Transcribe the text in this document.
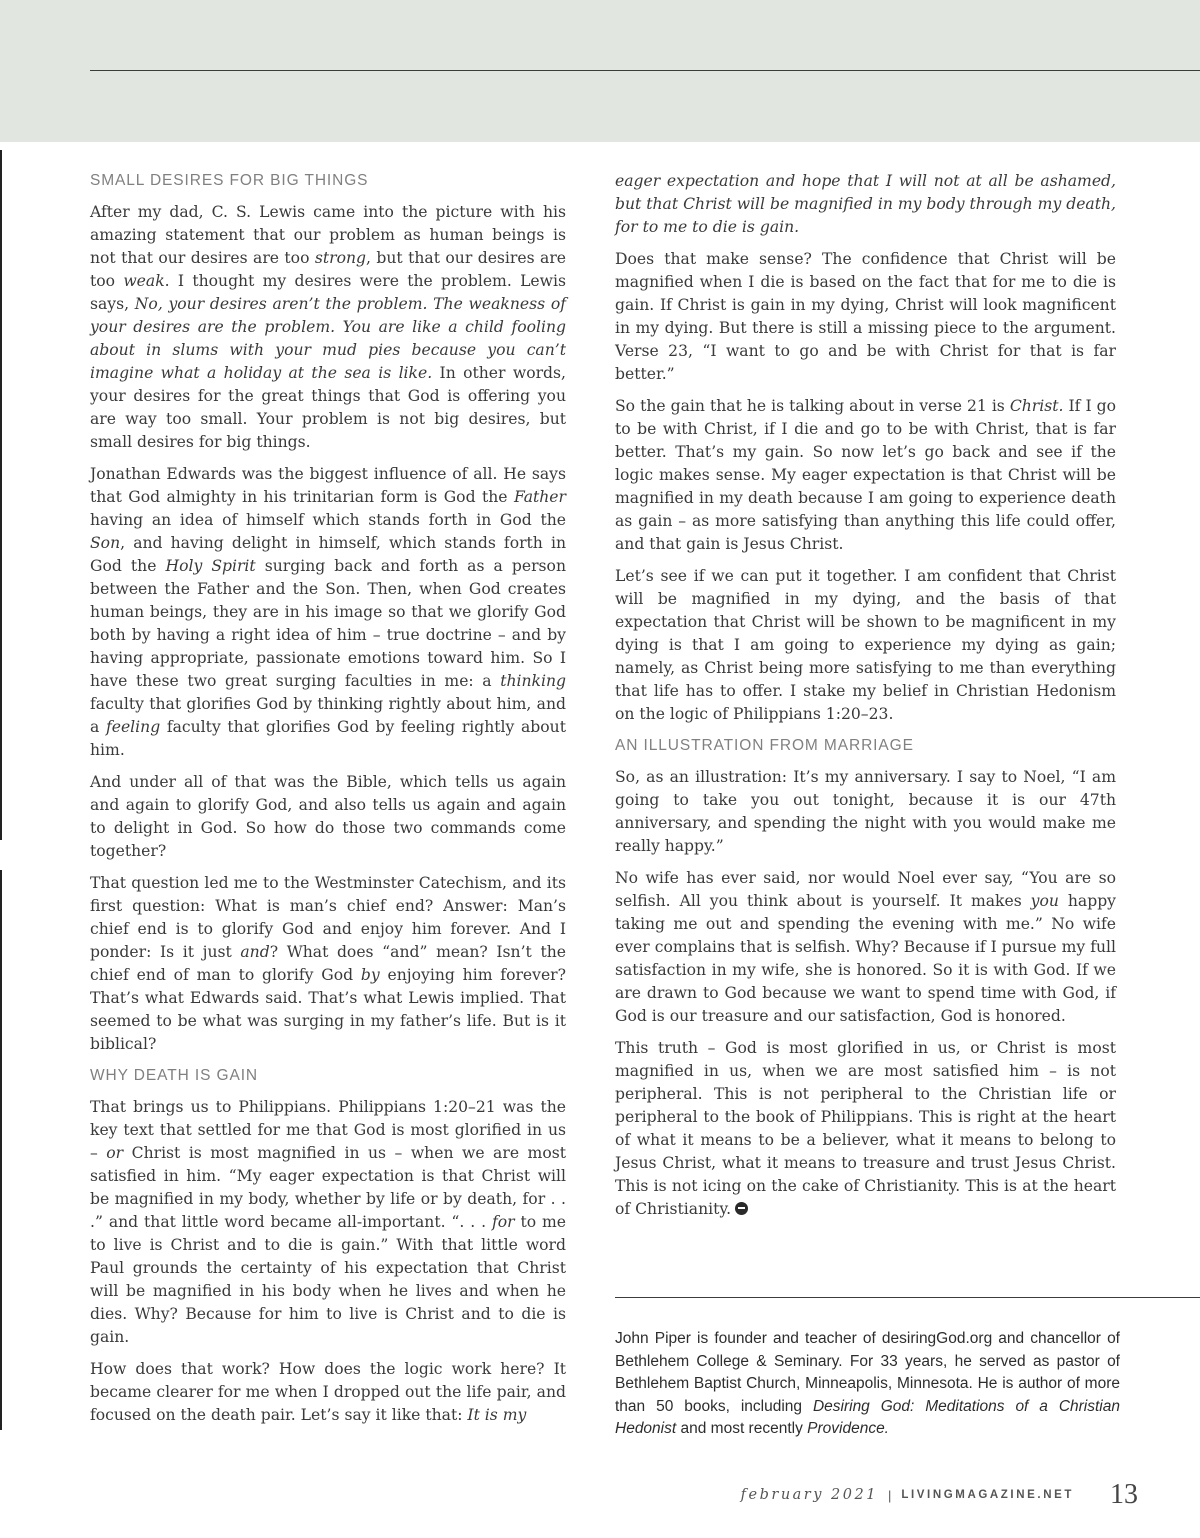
SMALL DESIRES FOR BIG THINGS

After my dad, C. S. Lewis came into the picture with his amazing statement that our problem as human beings is not that our desires are too strong, but that our desires are too weak. I thought my desires were the problem. Lewis says, No, your desires aren’t the problem. The weakness of your desires are the problem. You are like a child fooling about in slums with your mud pies because you can’t imagine what a holiday at the sea is like. In other words, your desires for the great things that God is offering you are way too small. Your problem is not big desires, but small desires for big things.

Jonathan Edwards was the biggest influence of all. He says that God almighty in his trinitarian form is God the Father having an idea of himself which stands forth in God the Son, and having delight in himself, which stands forth in God the Holy Spirit surging back and forth as a person between the Father and the Son. Then, when God creates human beings, they are in his image so that we glorify God both by having a right idea of him – true doctrine – and by having appropriate, passionate emotions toward him. So I have these two great surging faculties in me: a thinking faculty that glorifies God by thinking rightly about him, and a feeling faculty that glorifies God by feeling rightly about him.

And under all of that was the Bible, which tells us again and again to glorify God, and also tells us again and again to delight in God. So how do those two commands come together?

That question led me to the Westminster Catechism, and its first question: What is man’s chief end? Answer: Man’s chief end is to glorify God and enjoy him forever. And I ponder: Is it just and? What does “and” mean? Isn’t the chief end of man to glorify God by enjoying him forever? That’s what Edwards said. That’s what Lewis implied. That seemed to be what was surging in my father’s life. But is it biblical?

WHY DEATH IS GAIN

That brings us to Philippians. Philippians 1:20–21 was the key text that settled for me that God is most glorified in us – or Christ is most magnified in us – when we are most satisfied in him. “My eager expectation is that Christ will be magnified in my body, whether by life or by death, for . . .” and that little word became all-important. “. . . for to me to live is Christ and to die is gain.” With that little word Paul grounds the certainty of his expectation that Christ will be magnified in his body when he lives and when he dies. Why? Because for him to live is Christ and to die is gain.

How does that work? How does the logic work here? It became clearer for me when I dropped out the life pair, and focused on the death pair. Let’s say it like that: It is my

eager expectation and hope that I will not at all be ashamed, but that Christ will be magnified in my body through my death, for to me to die is gain.

Does that make sense? The confidence that Christ will be magnified when I die is based on the fact that for me to die is gain. If Christ is gain in my dying, Christ will look magnificent in my dying. But there is still a missing piece to the argument. Verse 23, “I want to go and be with Christ for that is far better.”

So the gain that he is talking about in verse 21 is Christ. If I go to be with Christ, if I die and go to be with Christ, that is far better. That’s my gain. So now let’s go back and see if the logic makes sense. My eager expectation is that Christ will be magnified in my death because I am going to experience death as gain – as more satisfying than anything this life could offer, and that gain is Jesus Christ.

Let’s see if we can put it together. I am confident that Christ will be magnified in my dying, and the basis of that expectation that Christ will be shown to be magnificent in my dying is that I am going to experience my dying as gain; namely, as Christ being more satisfying to me than everything that life has to offer. I stake my belief in Christian Hedonism on the logic of Philippians 1:20–23.

AN ILLUSTRATION FROM MARRIAGE

So, as an illustration: It’s my anniversary. I say to Noel, “I am going to take you out tonight, because it is our 47th anniversary, and spending the night with you would make me really happy.”

No wife has ever said, nor would Noel ever say, “You are so selfish. All you think about is yourself. It makes you happy taking me out and spending the evening with me.” No wife ever complains that is selfish. Why? Because if I pursue my full satisfaction in my wife, she is honored. So it is with God. If we are drawn to God because we want to spend time with God, if God is our treasure and our satisfaction, God is honored.

This truth – God is most glorified in us, or Christ is most magnified in us, when we are most satisfied him – is not peripheral. This is not peripheral to the Christian life or peripheral to the book of Philippians. This is right at the heart of what it means to be a believer, what it means to belong to Jesus Christ, what it means to treasure and trust Jesus Christ. This is not icing on the cake of Christianity. This is at the heart of Christianity.

John Piper is founder and teacher of desiringGod.org and chancellor of Bethlehem College & Seminary. For 33 years, he served as pastor of Bethlehem Baptist Church, Minneapolis, Minnesota. He is author of more than 50 books, including Desiring God: Meditations of a Christian Hedonist and most recently Providence.
february 2021 | LIVINGMAGAZINE.NET 13
